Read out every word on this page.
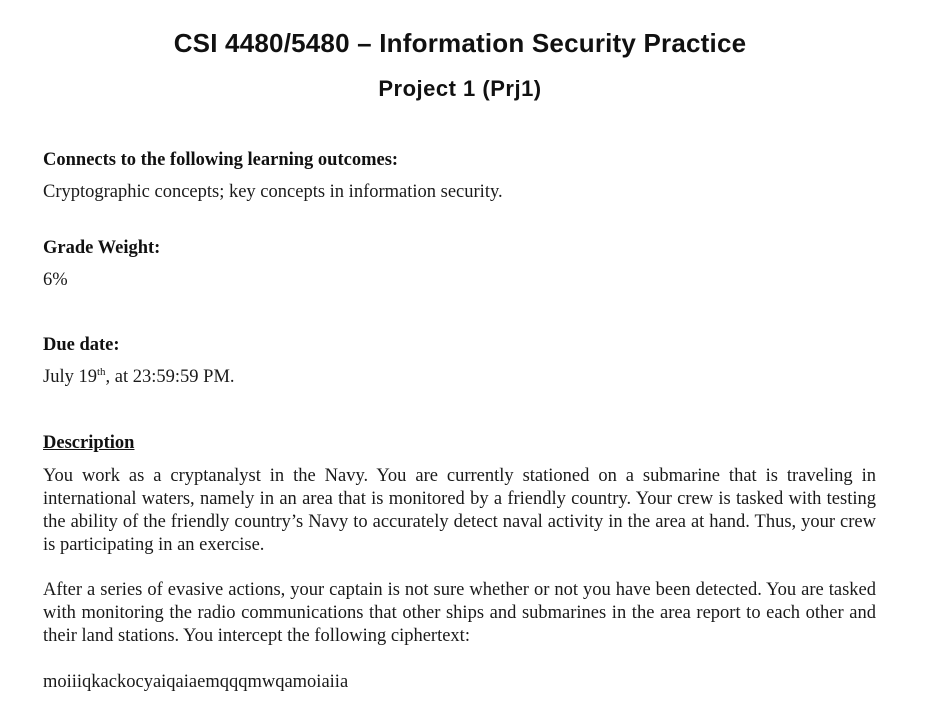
CSI 4480/5480 – Information Security Practice
Project 1 (Prj1)
Connects to the following learning outcomes:
Cryptographic concepts; key concepts in information security.
Grade Weight:
6%
Due date:
July 19th, at 23:59:59 PM.
Description

You work as a cryptanalyst in the Navy. You are currently stationed on a submarine that is traveling in international waters, namely in an area that is monitored by a friendly country. Your crew is tasked with testing the ability of the friendly country’s Navy to accurately detect naval activity in the area at hand. Thus, your crew is participating in an exercise.

After a series of evasive actions, your captain is not sure whether or not you have been detected. You are tasked with monitoring the radio communications that other ships and submarines in the area report to each other and their land stations. You intercept the following ciphertext:

moiiiqkackocyaiqaiaemqqqmwqamoiaiia
